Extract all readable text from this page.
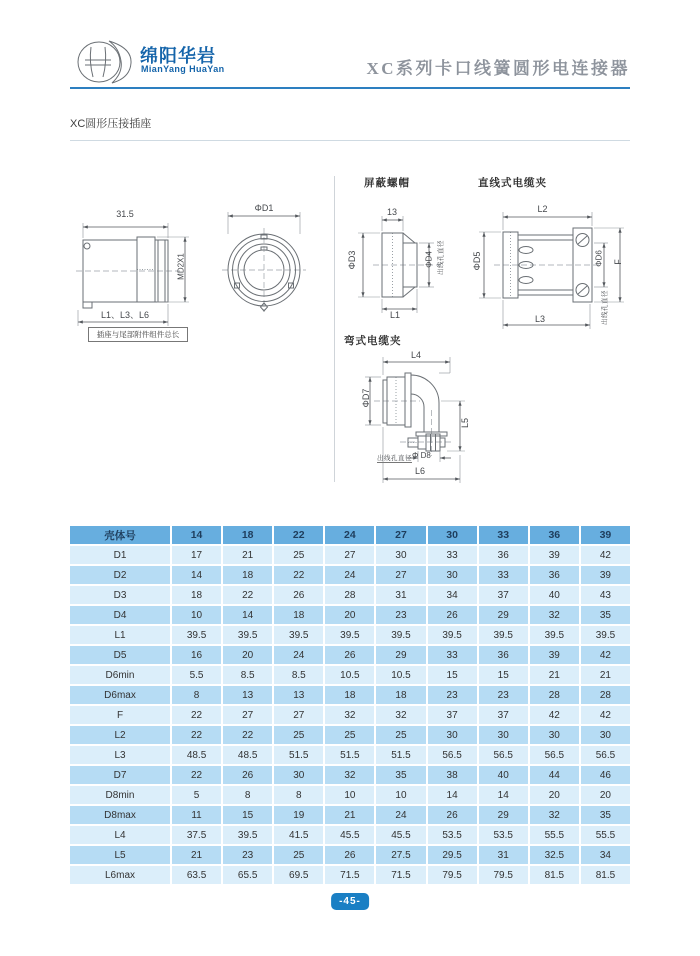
绵阳华岩
MianYang HuaYan	XC系列卡口线簧圆形电连接器
XC圆形压接插座
31.5
MD2X1
L1、L3、L6
插座与尾部附件组件总长
ΦD1
屏蔽螺帽
13
ΦD3	ΦD4 出线孔直径
L1
直线式电缆夹
L2
ΦD5	ΦD6 F
L3	出线孔直径
弯式电缆夹
L4
ΦD7
L5
出线孔直径 Φ D8
L6
壳体号	14	18	22	24	27	30	33	36	39
D1	17	21	25	27	30	33	36	39	42
D2	14	18	22	24	27	30	33	36	39
D3	18	22	26	28	31	34	37	40	43
D4	10	14	18	20	23	26	29	32	35
L1	39.5	39.5	39.5	39.5	39.5	39.5	39.5	39.5	39.5
D5	16	20	24	26	29	33	36	39	42
D6min	5.5	8.5	8.5	10.5	10.5	15	15	21	21
D6max	8	13	13	18	18	23	23	28	28
F	22	27	27	32	32	37	37	42	42
L2	22	22	25	25	25	30	30	30	30
L3	48.5	48.5	51.5	51.5	51.5	56.5	56.5	56.5	56.5
D7	22	26	30	32	35	38	40	44	46
D8min	5	8	8	10	10	14	14	20	20
D8max	11	15	19	21	24	26	29	32	35
L4	37.5	39.5	41.5	45.5	45.5	53.5	53.5	55.5	55.5
L5	21	23	25	26	27.5	29.5	31	32.5	34
L6max	63.5	65.5	69.5	71.5	71.5	79.5	79.5	81.5	81.5
-45-
